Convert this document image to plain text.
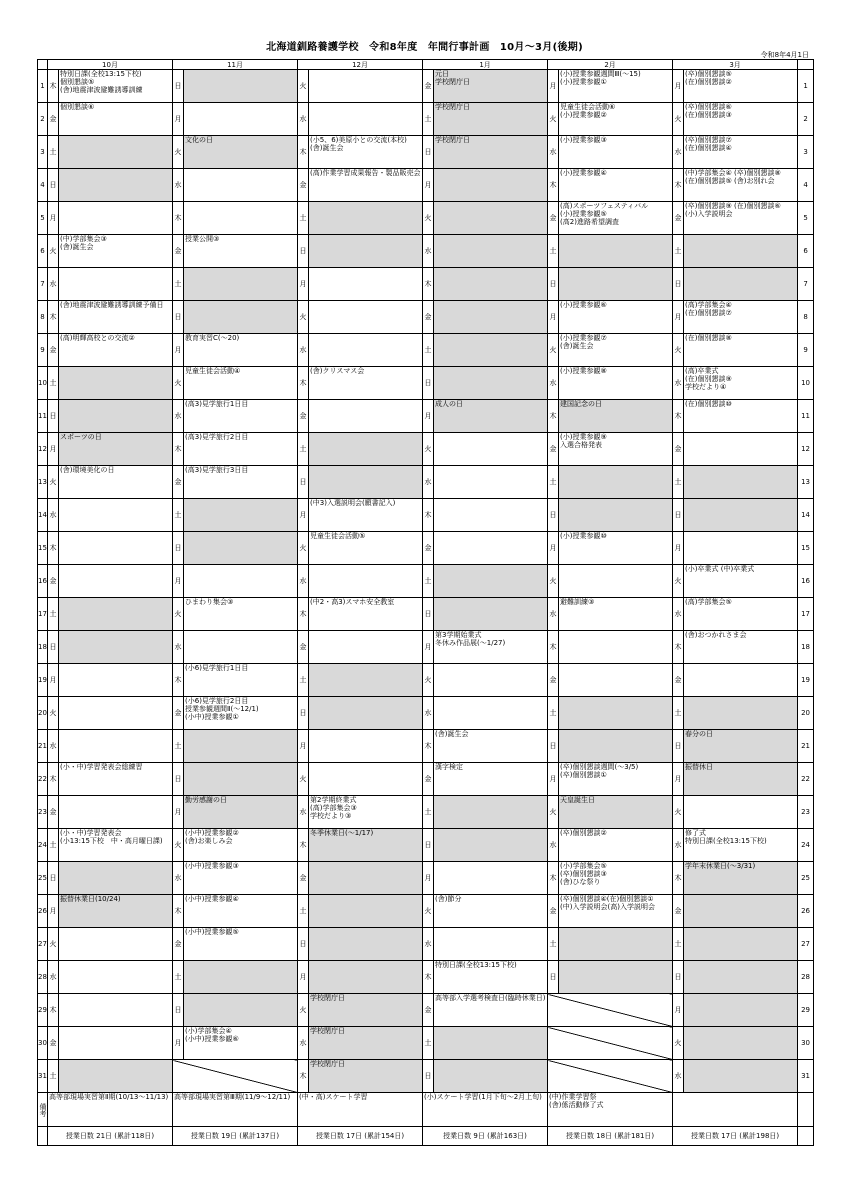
北海道釧路養護学校　令和8年度　年間行事計画　10月～3月(後期)
令和8年4月1日
	10月		11月		12月		1月		2月		3月		
1	木	特別日課(全校13:15下校)
個別懇談⑤
(舎)地震津波避難誘導訓練	日		火		金	元日
学校閉庁日	月	(小)授業参観週間Ⅲ(～15)
(小)授業参観①	月	(卒)個別懇談⑤
(在)個別懇談②	1
2	金	個別懇談⑥	月		水		土	学校閉庁日	火	児童生徒会活動⑥
(小)授業参観②	火	(卒)個別懇談⑥
(在)個別懇談③	2
3	土		火	文化の日	木	(小5、6)美原小との交流(本校)
(舎)誕生会	日	学校閉庁日	水	(小)授業参観③	水	(卒)個別懇談⑦
(在)個別懇談④	3
4	日		水		金	(高)作業学習成果報告・製品販売会	月		木	(小)授業参観④	木	(中)学部集会④ (卒)個別懇談⑧
(在)個別懇談⑤ (舎)お別れ会	4
5	月		木		土		火		金	(高)スポーツフェスティバル
(小)授業参観⑤
(高2)進路希望調査	金	(卒)個別懇談⑨ (在)個別懇談⑥　(小)入学説明会	5
6	火	(中)学部集会③
(舎)誕生会	金	授業公開③	日		水		土		土		6
7	水		土		月		木		日		日		7
8	木	(舎)地震津波避難誘導訓練予備日	日		火		金		月	(小)授業参観⑥	月	(高)学部集会④
(在)個別懇談⑦	8
9	金	(高)明輝高校との交流②	月	教育実習C(～20)	水		土		火	(小)授業参観⑦
(舎)誕生会	火	(在)個別懇談⑧	9
10	土		火	児童生徒会活動④	木	(舎)クリスマス会	日		水	(小)授業参観⑧	水	(高)卒業式
(在)個別懇談⑨
学校だより④	10
11	日		水	(高3)見学旅行1日目	金		月	成人の日	木	建国記念の日	木	(在)個別懇談⑩	11
12	月	スポーツの日	木	(高3)見学旅行2日目	土		火		金	(小)授業参観⑨
入選合格発表	金		12
13	火	(舎)環境美化の日	金	(高3)見学旅行3日目	日		水		土		土		13
14	水		土		月	(中3)入選説明会(願書記入)	木		日		日		14
15	木		日		火	児童生徒会活動⑤	金		月	(小)授業参観⑩	月		15
16	金		月		水		土		火		火	(小)卒業式 (中)卒業式	16
17	土		火	ひまわり集会③	木	(中2・高3)スマホ安全教室	日		水	避難訓練③	水	(高)学部集会⑤	17
18	日		水		金		月	第3学期始業式
冬休み作品展(～1/27)	木		木	(舎)おつかれさま会	18
19	月		木	(小6)見学旅行1日目	土		火		金		金		19
20	火		金	(小6)見学旅行2日目
授業参観週間Ⅱ(～12/1)
(小中)授業参観①	日		水		土		土		20
21	水		土		月		木	(舎)誕生会	日		日	春分の日	21
22	木	(小・中)学習発表会総練習	日		火		金	漢字検定	月	(卒)個別懇談週間(～3/5)
(卒)個別懇談①	月	振替休日	22
23	金		月	勤労感謝の日	水	第2学期終業式
(高)学部集会③
学校だより③	土		火	天皇誕生日	火		23
24	土	(小・中)学習発表会
(小13:15下校　中・高月曜日課)	火	(小中)授業参観②
(舎)お楽しみ会	木	冬季休業日(～1/17)	日		水	(卒)個別懇談②	水	修了式
特別日課(全校13:15下校)	24
25	日		水	(小中)授業参観③	金		月		木	(小)学部集会⑤
(卒)個別懇談③
(舎)ひな祭り	木	学年末休業日(～3/31)	25
26	月	振替休業日(10/24)	木	(小中)授業参観④	土		火	(舎)節分	金	(卒)個別懇談④(在)個別懇談①
(中)入学説明会(高)入学説明会	金		26
27	火		金	(小中)授業参観⑤	日		水		土		土		27
28	水		土		月		木	特別日課(全校13:15下校)	日		日		28
29	木		日		火	学校閉庁日	金	高等部入学選考検査日(臨時休業日)			月		29
30	金		月	(小)学部集会④
(小中)授業参観⑥	水	学校閉庁日	土				火		30
31	土				木	学校閉庁日	日				水		31
備考	高等部現場実習第Ⅱ期(10/13～11/13)		高等部現場実習第Ⅲ期(11/9～12/11)		(中・高)スケート学習		(小)スケート学習(1月下旬～2月上旬)		(中)作業学習祭
(舎)係活動修了式				
	授業日数 21日 (累計118日)		授業日数 19日 (累計137日)		授業日数 17日 (累計154日)		授業日数 9日 (累計163日)		授業日数 18日 (累計181日)		授業日数 17日 (累計198日)		
